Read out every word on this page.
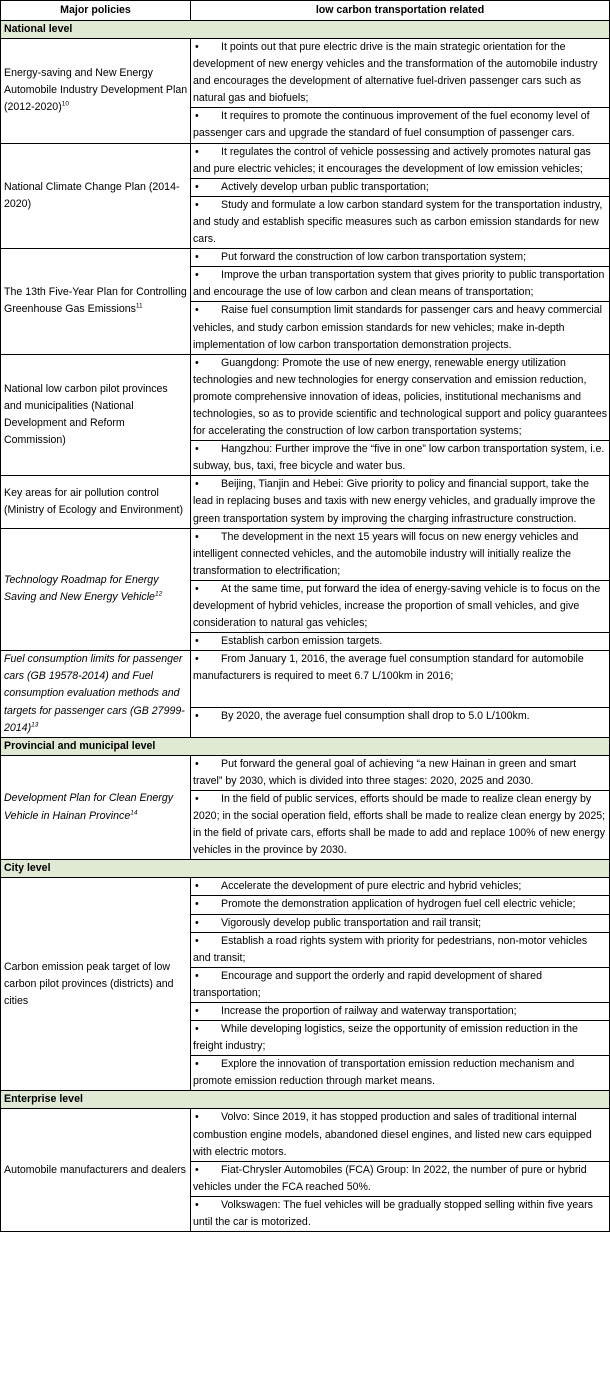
Major policies	low carbon transportation related
National level	
Energy-saving and New Energy Automobile Industry Development Plan (2012-2020)$^{10}$	• It points out that pure electric drive is the main strategic orientation for the development of new energy vehicles and the transformation of the automobile industry and encourages the development of alternative fuel-driven passenger cars such as natural gas and biofuels;
	• It requires to promote the continuous improvement of the fuel economy level of passenger cars and upgrade the standard of fuel consumption of passenger cars.
National Climate Change Plan (2014-2020)	• It regulates the control of vehicle possessing and actively promotes natural gas and pure electric vehicles; it encourages the development of low emission vehicles;
	• Actively develop urban public transportation;
	• Study and formulate a low carbon standard system for the transportation industry, and study and establish specific measures such as carbon emission standards for new cars.
The 13th Five-Year Plan for Controlling Greenhouse Gas Emissions$^{11}$	• Put forward the construction of low carbon transportation system;
	• Improve the urban transportation system that gives priority to public transportation and encourage the use of low carbon and clean means of transportation;
	• Raise fuel consumption limit standards for passenger cars and heavy commercial vehicles, and study carbon emission standards for new vehicles; make in-depth implementation of low carbon transportation demonstration projects.
National low carbon pilot provinces and municipalities (National Development and Reform Commission)	• Guangdong: Promote the use of new energy, renewable energy utilization technologies and new technologies for energy conservation and emission reduction, promote comprehensive innovation of ideas, policies, institutional mechanisms and technologies, so as to provide scientific and technological support and policy guarantees for accelerating the construction of low carbon transportation systems;
	• Hangzhou: Further improve the “five in one” low carbon transportation system, i.e. subway, bus, taxi, free bicycle and water bus.
Key areas for air pollution control (Ministry of Ecology and Environment)	• Beijing, Tianjin and Hebei: Give priority to policy and financial support, take the lead in replacing buses and taxis with new energy vehicles, and gradually improve the green transportation system by improving the charging infrastructure construction.
Technology Roadmap for Energy Saving and New Energy Vehicle$^{12}$	• The development in the next 15 years will focus on new energy vehicles and intelligent connected vehicles, and the automobile industry will initially realize the transformation to electrification;
	• At the same time, put forward the idea of energy-saving vehicle is to focus on the development of hybrid vehicles, increase the proportion of small vehicles, and give consideration to natural gas vehicles;
	• Establish carbon emission targets.
Fuel consumption limits for passenger cars (GB 19578-2014) and Fuel consumption evaluation methods and targets for passenger cars (GB 27999-2014)$^{13}$	• From January 1, 2016, the average fuel consumption standard for automobile manufacturers is required to meet 6.7 L/100km in 2016;
	• By 2020, the average fuel consumption shall drop to 5.0 L/100km.
Provincial and municipal level	
Development Plan for Clean Energy Vehicle in Hainan Province$^{14}$	• Put forward the general goal of achieving “a new Hainan in green and smart travel” by 2030, which is divided into three stages: 2020, 2025 and 2030.
	• In the field of public services, efforts should be made to realize clean energy by 2020; in the social operation field, efforts shall be made to realize clean energy by 2025; in the field of private cars, efforts shall be made to add and replace 100% of new energy vehicles in the province by 2030.
City level	
Carbon emission peak target of low carbon pilot provinces (districts) and cities	• Accelerate the development of pure electric and hybrid vehicles;
	• Promote the demonstration application of hydrogen fuel cell electric vehicle;
	• Vigorously develop public transportation and rail transit;
	• Establish a road rights system with priority for pedestrians, non-motor vehicles and transit;
	• Encourage and support the orderly and rapid development of shared transportation;
	• Increase the proportion of railway and waterway transportation;
	• While developing logistics, seize the opportunity of emission reduction in the freight industry;
	• Explore the innovation of transportation emission reduction mechanism and promote emission reduction through market means.
Enterprise level	
Automobile manufacturers and dealers	• Volvo: Since 2019, it has stopped production and sales of traditional internal combustion engine models, abandoned diesel engines, and listed new cars equipped with electric motors.
	• Fiat-Chrysler Automobiles (FCA) Group: In 2022, the number of pure or hybrid vehicles under the FCA reached 50%.
	• Volkswagen: The fuel vehicles will be gradually stopped selling within five years until the car is motorized.
